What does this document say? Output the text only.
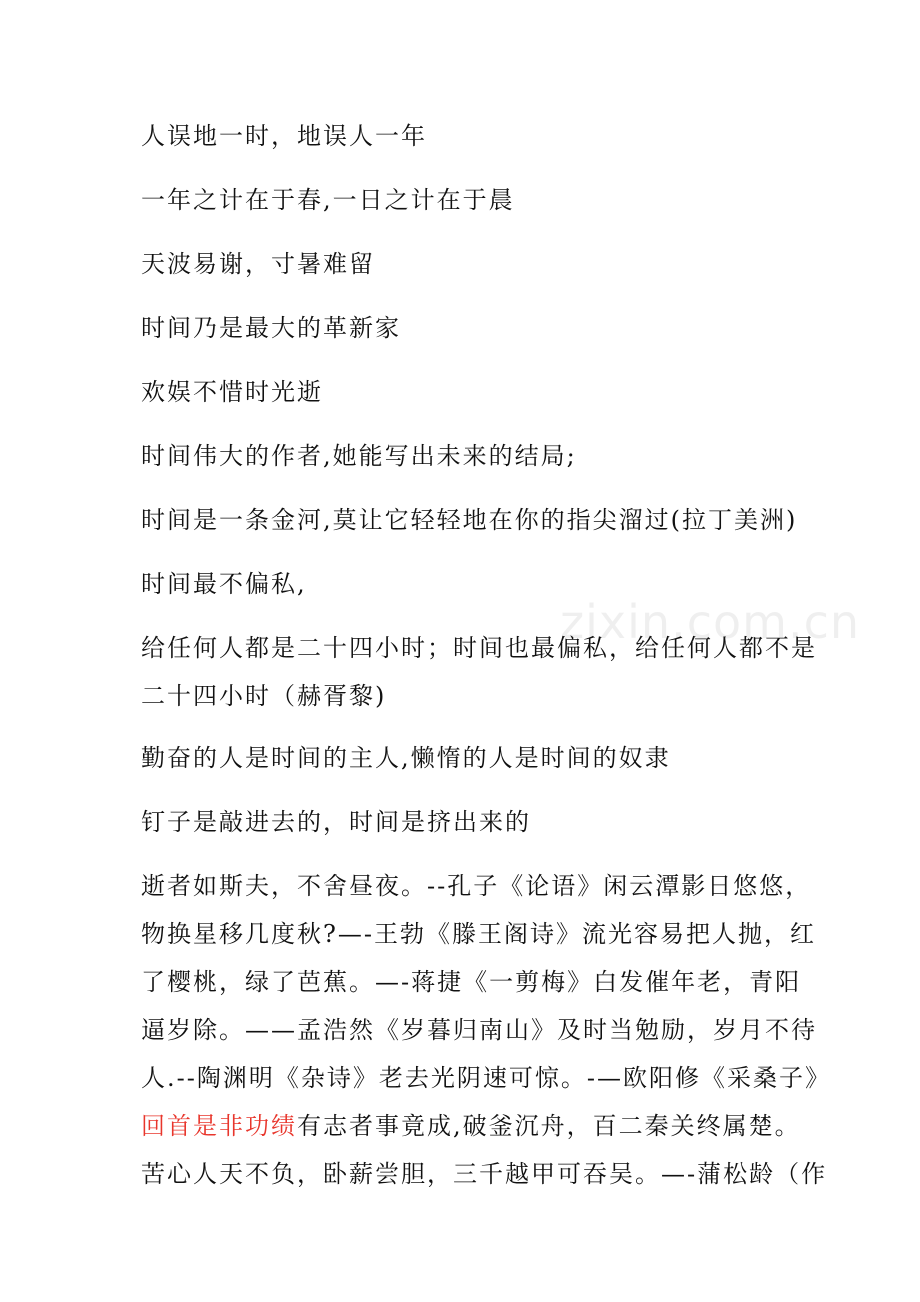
zixin.com.cn
人误地一时，地误人一年
一年之计在于春,一日之计在于晨
天波易谢，寸暑难留
时间乃是最大的革新家
欢娱不惜时光逝
时间伟大的作者,她能写出未来的结局;
时间是一条金河,莫让它轻轻地在你的指尖溜过(拉丁美洲)
时间最不偏私,
给任何人都是二十四小时；时间也最偏私，给任何人都不是
二十四小时（赫胥黎)
勤奋的人是时间的主人,懒惰的人是时间的奴隶
钉子是敲进去的，时间是挤出来的
逝者如斯夫，不舍昼夜。--孔子《论语》闲云潭影日悠悠，
物换星移几度秋?—-王勃《滕王阁诗》流光容易把人抛，红
了樱桃，绿了芭蕉。—-蒋捷《一剪梅》白发催年老，青阳
逼岁除。——孟浩然《岁暮归南山》及时当勉励，岁月不待
人.--陶渊明《杂诗》老去光阴速可惊。-—欧阳修《采桑子》
回首是非功绩有志者事竟成,破釜沉舟，百二秦关终属楚。
苦心人天不负，卧薪尝胆，三千越甲可吞吴。—-蒲松龄（作
